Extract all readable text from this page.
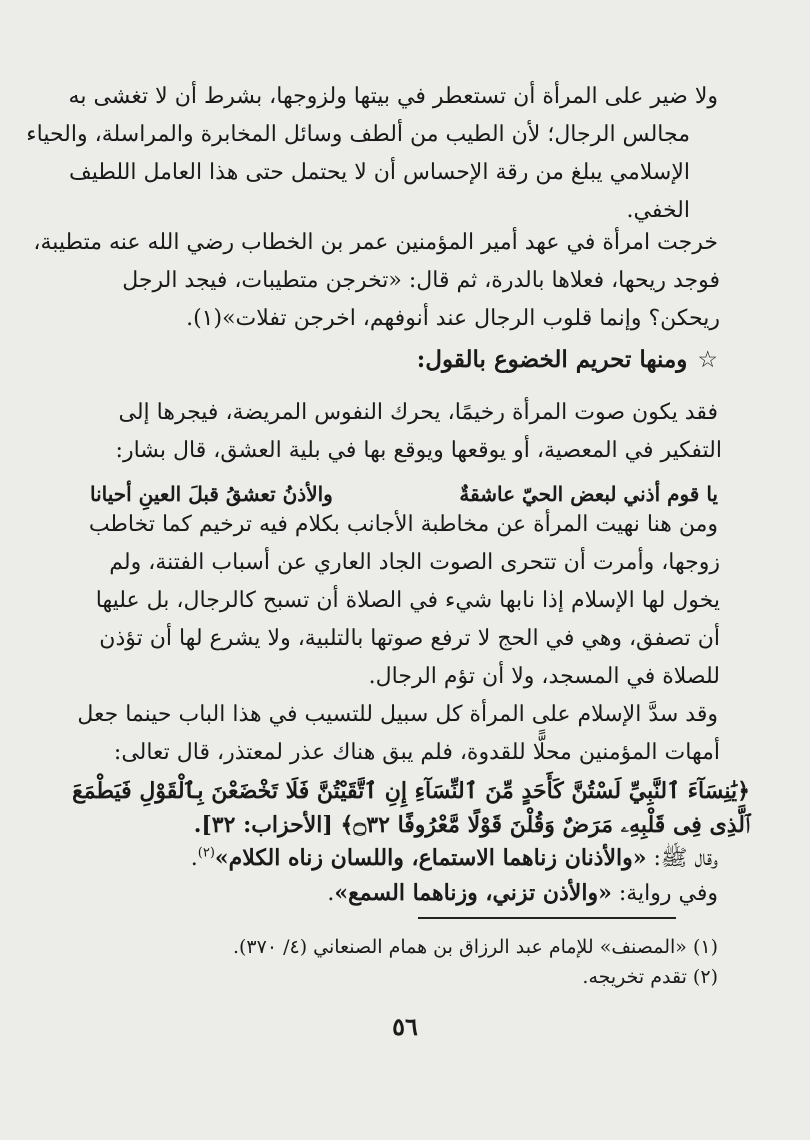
ولا ضير على المرأة أن تستعطر في بيتها ولزوجها، بشرط أن لا تغشى به
مجالس الرجال؛ لأن الطيب من ألطف وسائل المخابرة والمراسلة، والحياء
الإسلامي يبلغ من رقة الإحساس أن لا يحتمل حتى هذا العامل اللطيف
الخفي.
خرجت امرأة في عهد أمير المؤمنين عمر بن الخطاب رضي الله عنه متطيبة،
فوجد ريحها، فعلاها بالدرة، ثم قال: «تخرجن متطيبات، فيجد الرجل
ريحكن؟ وإنما قلوب الرجال عند أنوفهم، اخرجن تفلات»(١).
☆ومنها تحريم الخضوع بالقول:
فقد يكون صوت المرأة رخيمًا، يحرك النفوس المريضة، فيجرها إلى
التفكير في المعصية، أو يوقعها ويوقع بها في بلية العشق، قال بشار:
يا قوم أذني لبعض الحيّ عاشقةٌ
والأذنُ تعشقُ قبلَ العينِ أحيانا
ومن هنا نهيت المرأة عن مخاطبة الأجانب بكلام فيه ترخيم كما تخاطب
زوجها، وأمرت أن تتحرى الصوت الجاد العاري عن أسباب الفتنة، ولم
يخول لها الإسلام إذا نابها شيء في الصلاة أن تسبح كالرجال، بل عليها
أن تصفق، وهي في الحج لا ترفع صوتها بالتلبية، ولا يشرع لها أن تؤذن
للصلاة في المسجد، ولا أن تؤم الرجال.
وقد سدَّ الإسلام على المرأة كل سبيل للتسيب في هذا الباب حينما جعل
أمهات المؤمنين محلًّا للقدوة، فلم يبق هناك عذر لمعتذر، قال تعالى:
﴿يَٰنِسَآءَ ٱلنَّبِيِّ لَسْتُنَّ كَأَحَدٍ مِّنَ ٱلنِّسَآءِ إِنِ ٱتَّقَيْتُنَّ فَلَا تَخْضَعْنَ بِٱلْقَوْلِ فَيَطْمَعَ
ٱلَّذِى فِى قَلْبِهِۦ مَرَضٌ وَقُلْنَ قَوْلًا مَّعْرُوفًا ۝٣٢﴾ [الأحزاب: ٣٢].
وقال ﷺ: «والأذنان زناهما الاستماع، واللسان زناه الكلام»$^{(٢)}$.
وفي رواية: «والأذن تزني، وزناهما السمع».
(١) «المصنف» للإمام عبد الرزاق بن همام الصنعاني (٤/ ٣٧٠).
(٢) تقدم تخريجه.
٥٦
